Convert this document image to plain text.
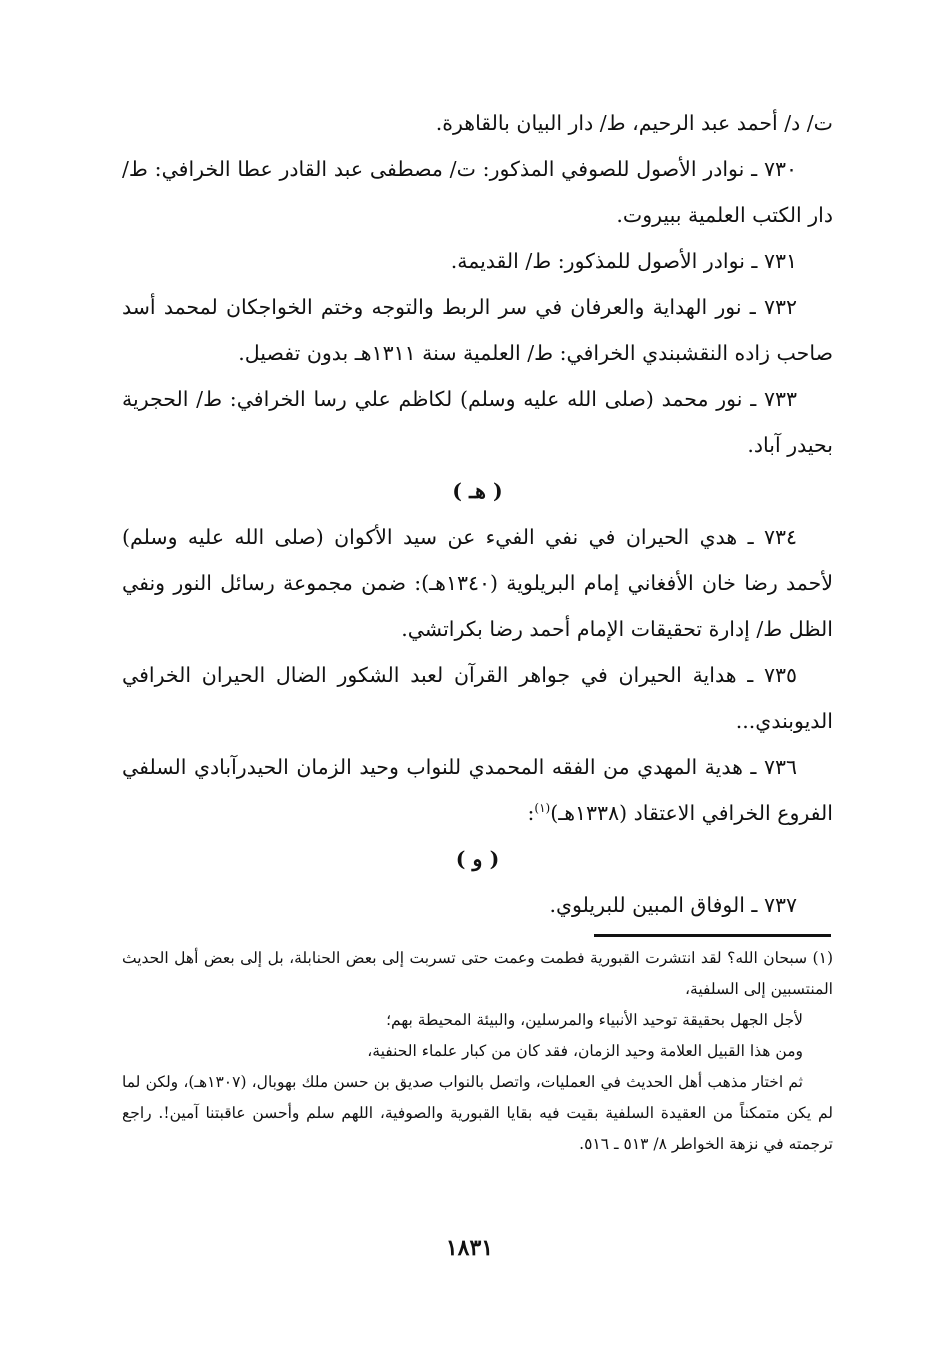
ت/ د/ أحمد عبد الرحيم، ط/ دار البيان بالقاهرة.

٧٣٠ ـ نوادر الأصول للصوفي المذكور: ت/ مصطفى عبد القادر عطا الخرافي: ط/ دار الكتب العلمية ببيروت.

٧٣١ ـ نوادر الأصول للمذكور: ط/ القديمة.

٧٣٢ ـ نور الهداية والعرفان في سر الربط والتوجه وختم الخواجكان لمحمد أسد صاحب زاده النقشبندي الخرافي: ط/ العلمية سنة ١٣١١هـ بدون تفصيل.

٧٣٣ ـ نور محمد (صلى الله عليه وسلم) لكاظم علي رسا الخرافي: ط/ الحجرية بحيدر آباد.

( هـ )

٧٣٤ ـ هدي الحيران في نفي الفيء عن سيد الأكوان (صلى الله عليه وسلم) لأحمد رضا خان الأفغاني إمام البريلوية (١٣٤٠هـ): ضمن مجموعة رسائل النور ونفي الظل ط/ إدارة تحقيقات الإمام أحمد رضا بكراتشي.

٧٣٥ ـ هداية الحيران في جواهر القرآن لعبد الشكور الضال الحيران الخرافي الديوبندي...

٧٣٦ ـ هدية المهدي من الفقه المحمدي للنواب وحيد الزمان الحيدرآبادي السلفي الفروع الخرافي الاعتقاد (١٣٣٨هـ)$^{(١)}$:

( و )

٧٣٧ ـ الوفاق المبين للبريلوي.

(١) سبحان الله؟ لقد انتشرت القبورية فطمت وعمت حتى تسربت إلى بعض الحنابلة، بل إلى بعض أهل الحديث المنتسبين إلى السلفية،

لأجل الجهل بحقيقة توحيد الأنبياء والمرسلين، والبيئة المحيطة بهم؛

ومن هذا القبيل العلامة وحيد الزمان، فقد كان من كبار علماء الحنفية،

ثم اختار مذهب أهل الحديث في العمليات، واتصل بالنواب صديق بن حسن ملك بهوبال، (١٣٠٧هـ)، ولكن لما لم يكن متمكناً من العقيدة السلفية بقيت فيه بقايا القبورية والصوفية، اللهم سلم وأحسن عاقبتنا آمين!. راجع ترجمته في نزهة الخواطر ٨/ ٥١٣ ـ ٥١٦.

١٨٣١
